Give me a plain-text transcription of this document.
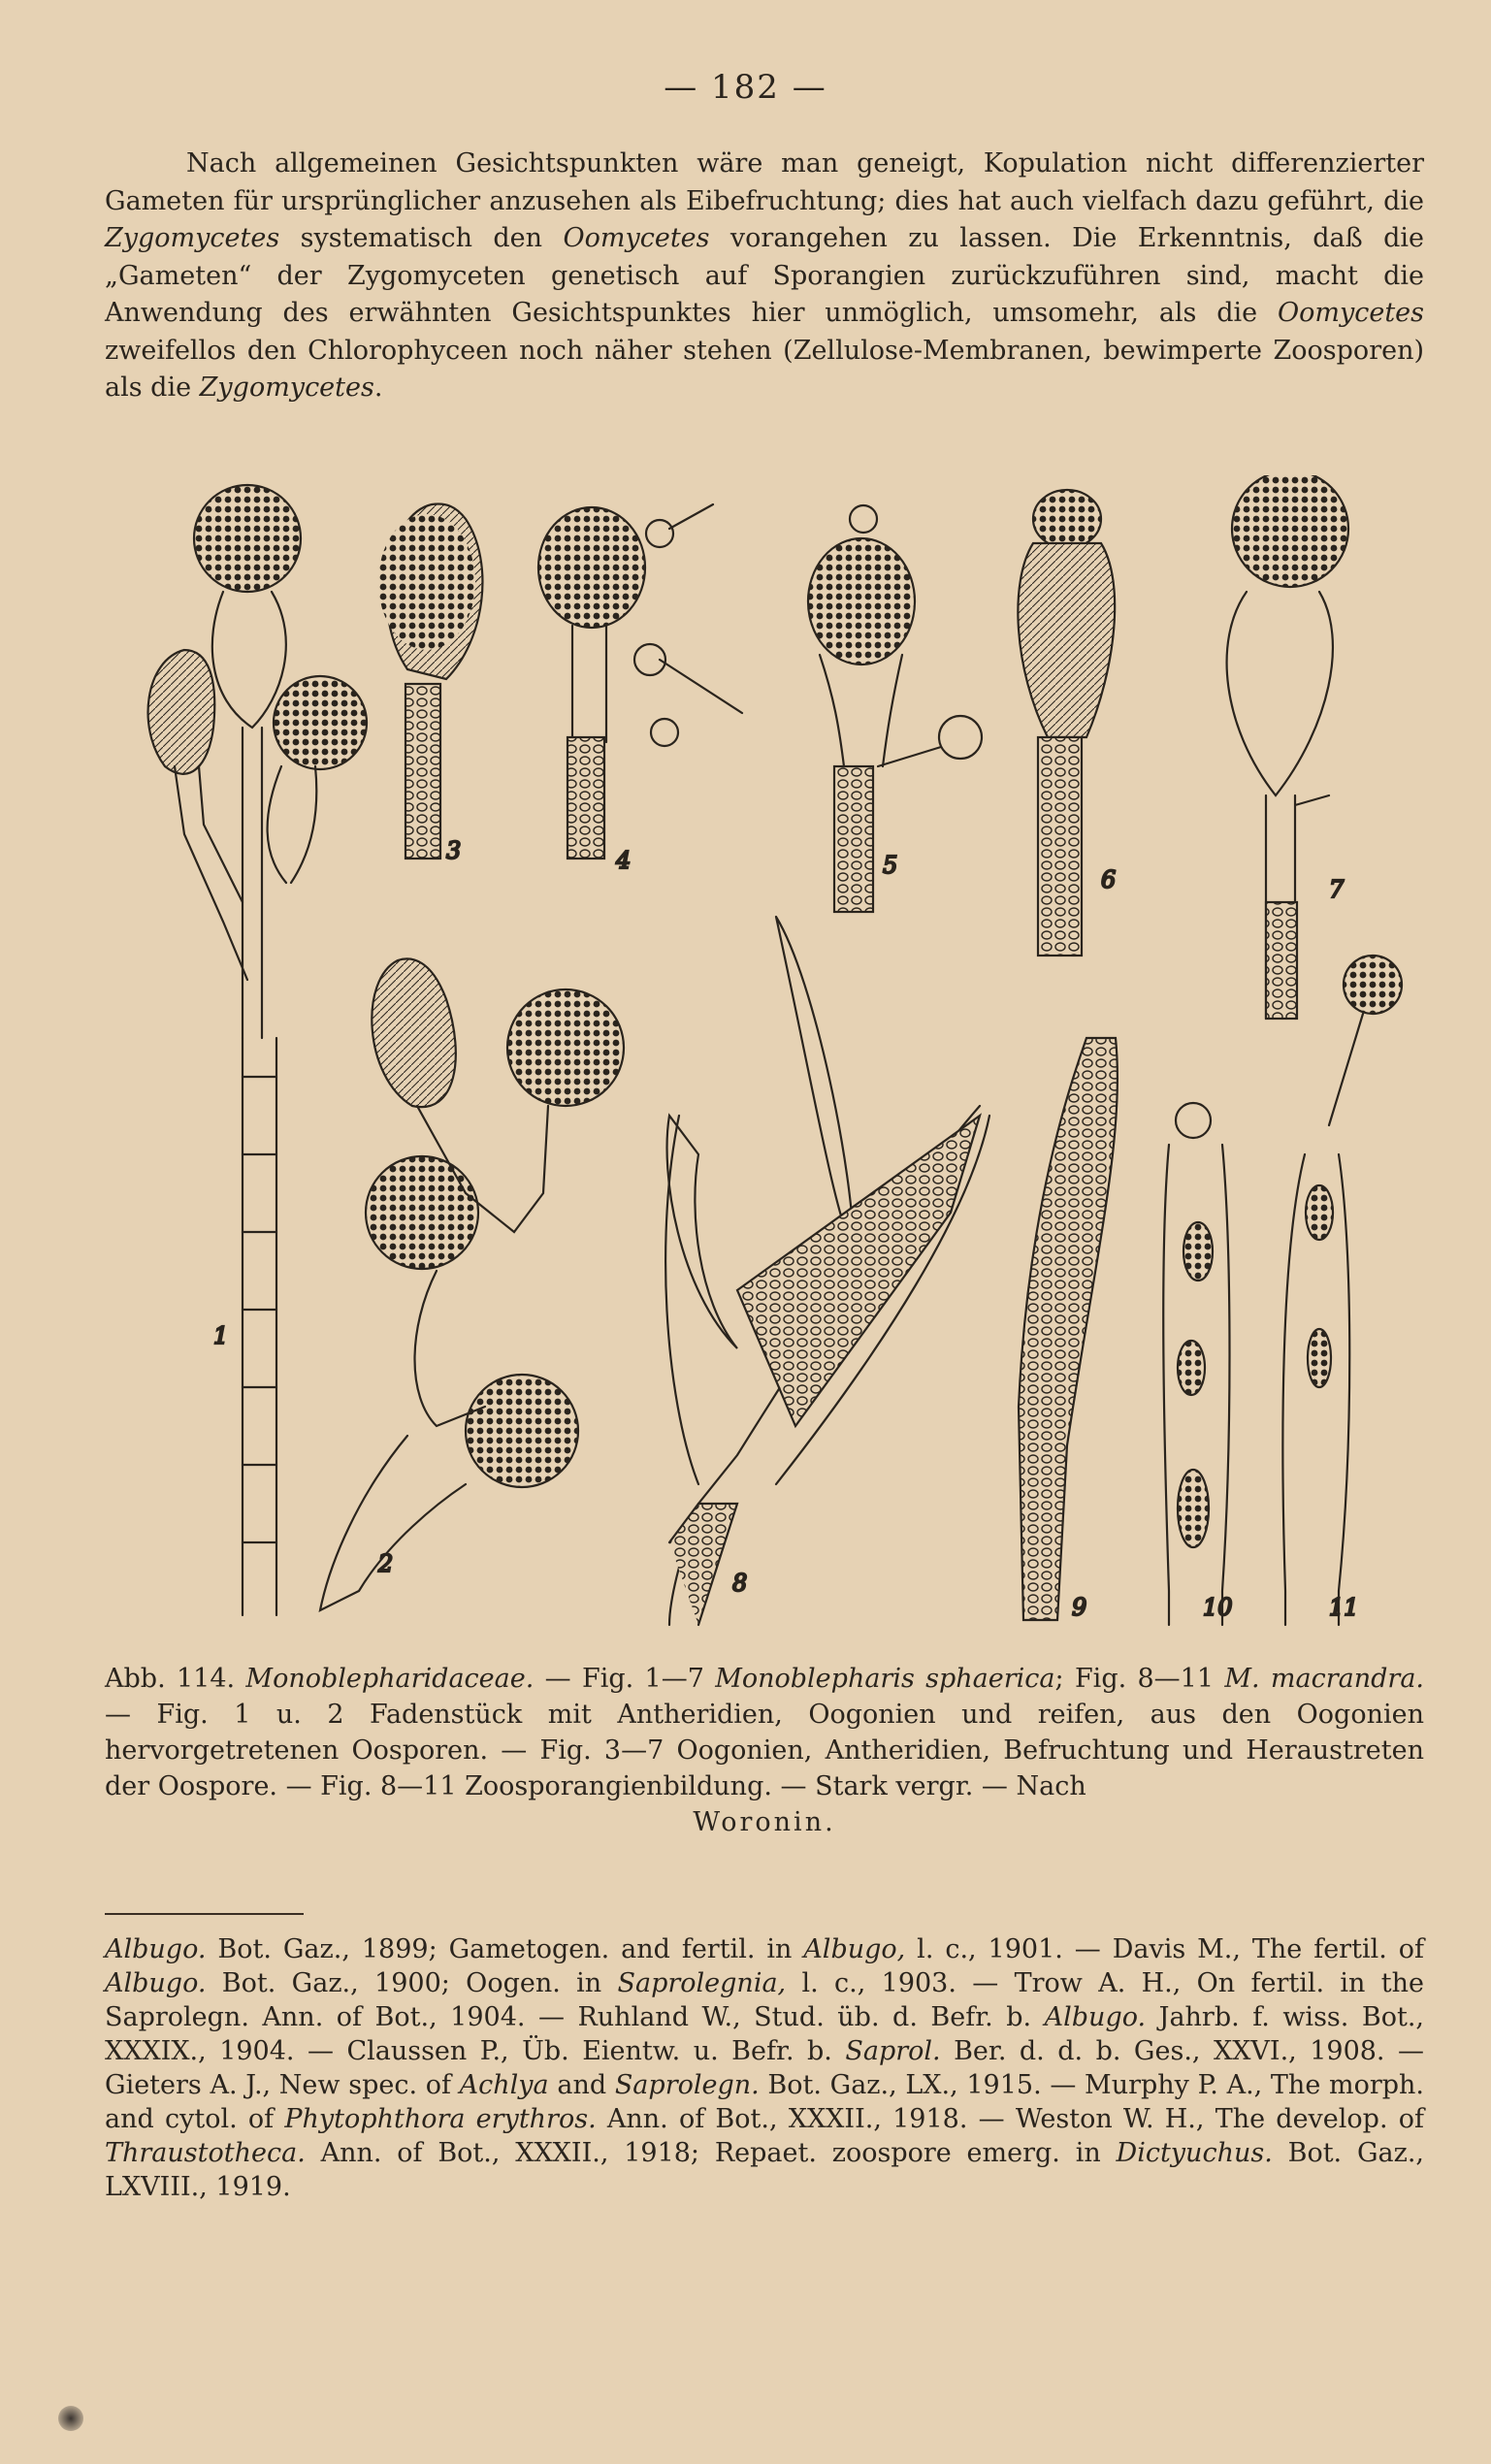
— 182 —

Nach allgemeinen Gesichtspunkten wäre man geneigt, Kopulation nicht differenzierter Gameten für ursprünglicher anzusehen als Eibefruchtung; dies hat auch vielfach dazu geführt, die Zygomycetes systematisch den Oomycetes vorangehen zu lassen. Die Erkenntnis, daß die „Gameten“ der Zygomyceten genetisch auf Sporangien zurückzuführen sind, macht die Anwendung des erwähnten Gesichtspunktes hier unmöglich, umsomehr, als die Oomycetes zweifellos den Chlorophyceen noch näher stehen (Zellulose-Membranen, bewimperte Zoosporen) als die Zygomycetes.

1
2
3	4	5
6	7
8
9	10	11
Abb. 114. Monoblepharidaceae. — Fig. 1—7 Monoblepharis sphaerica; Fig. 8—11 M. macrandra. — Fig. 1 u. 2 Fadenstück mit Antheridien, Oogonien und reifen, aus den Oogonien hervorgetretenen Oosporen. — Fig. 3—7 Oogonien, Antheridien, Befruchtung und Heraustreten der Oospore. — Fig. 8—11 Zoosporangienbildung. — Stark vergr. — Nach
Woronin.
Albugo. Bot. Gaz., 1899; Gametogen. and fertil. in Albugo, l. c., 1901. — Davis M., The fertil. of Albugo. Bot. Gaz., 1900; Oogen. in Saprolegnia, l. c., 1903. — Trow A. H., On fertil. in the Saprolegn. Ann. of Bot., 1904. — Ruhland W., Stud. üb. d. Befr. b. Albugo. Jahrb. f. wiss. Bot., XXXIX., 1904. — Claussen P., Üb. Eientw. u. Befr. b. Saprol. Ber. d. d. b. Ges., XXVI., 1908. — Gieters A. J., New spec. of Achlya and Saprolegn. Bot. Gaz., LX., 1915. — Murphy P. A., The morph. and cytol. of Phytophthora erythros. Ann. of Bot., XXXII., 1918. — Weston W. H., The develop. of Thraustotheca. Ann. of Bot., XXXII., 1918; Repaet. zoospore emerg. in Dictyuchus. Bot. Gaz., LXVIII., 1919.
